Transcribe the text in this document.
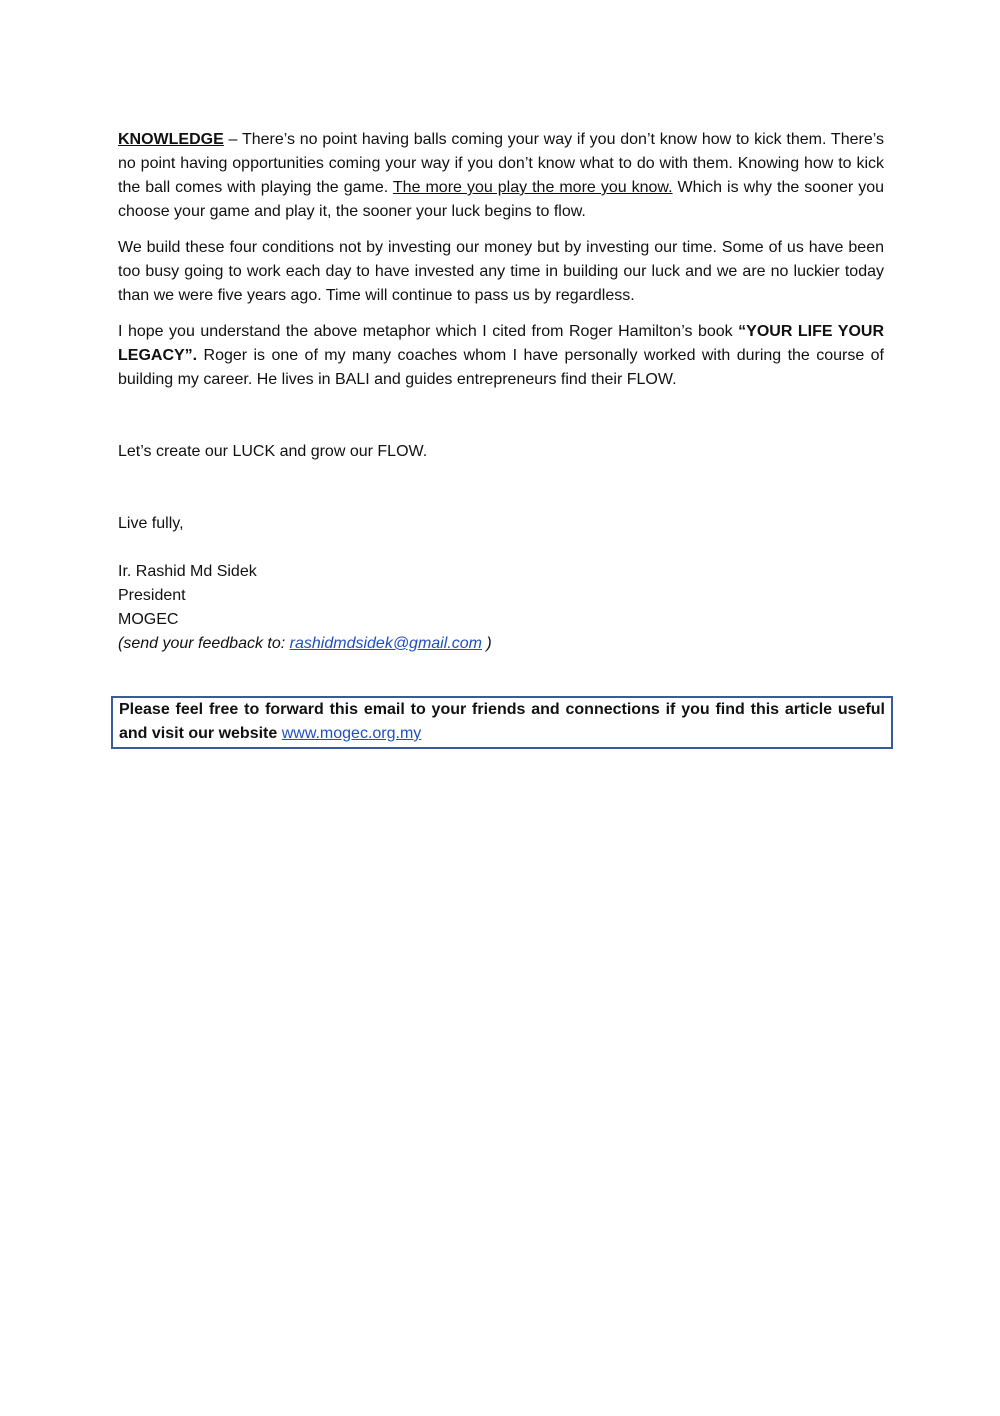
KNOWLEDGE – There’s no point having balls coming your way if you don’t know how to kick them. There’s no point having opportunities coming your way if you don’t know what to do with them. Knowing how to kick the ball comes with playing the game. The more you play the more you know. Which is why the sooner you choose your game and play it, the sooner your luck begins to flow.

We build these four conditions not by investing our money but by investing our time. Some of us have been too busy going to work each day to have invested any time in building our luck and we are no luckier today than we were five years ago. Time will continue to pass us by regardless.

I hope you understand the above metaphor which I cited from Roger Hamilton’s book “YOUR LIFE YOUR LEGACY”. Roger is one of my many coaches whom I have personally worked with during the course of building my career. He lives in BALI and guides entrepreneurs find their FLOW.

Let’s create our LUCK and grow our FLOW.

Live fully,

Ir. Rashid Md Sidek
President
MOGEC
(send your feedback to: rashidmdsidek@gmail.com )
Please feel free to forward this email to your friends and connections if you find this article useful and visit our website www.mogec.org.my
